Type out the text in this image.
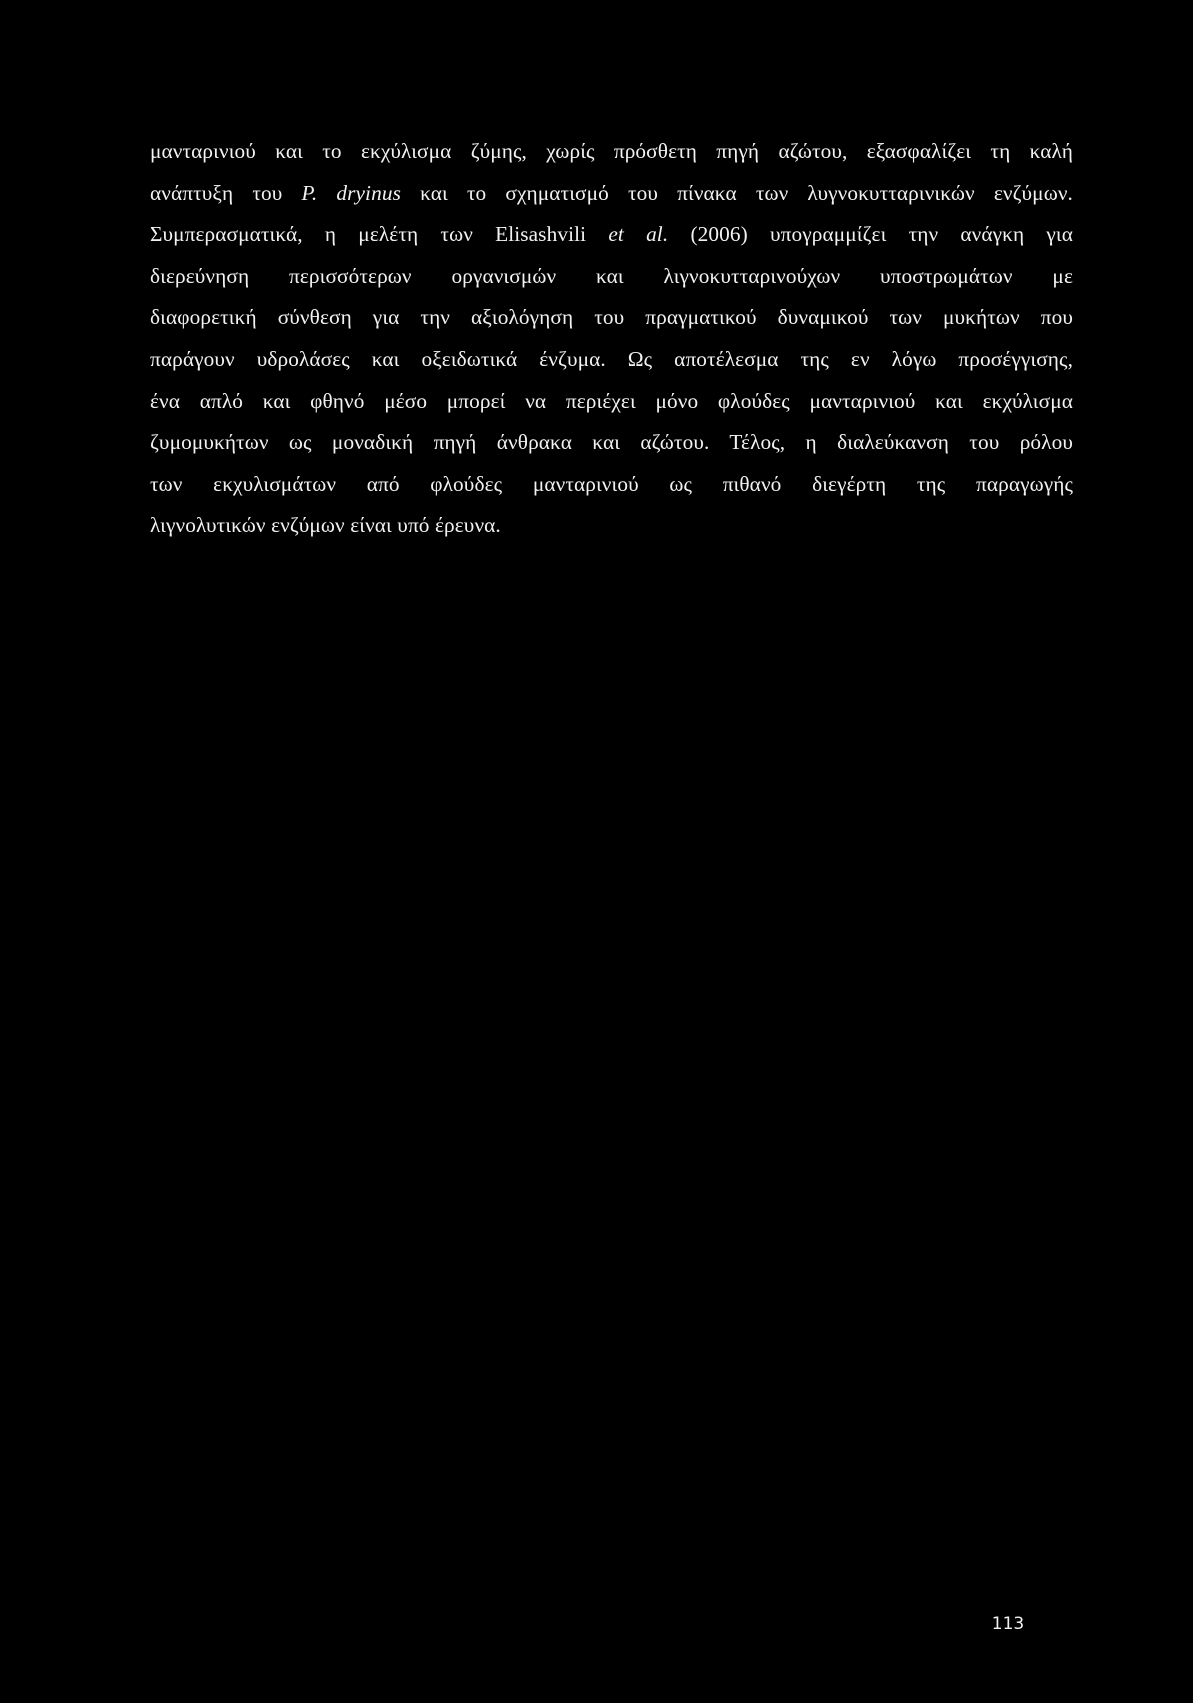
μανταρινιού και το εκχύλισμα ζύμης, χωρίς πρόσθετη πηγή αζώτου, εξασφαλίζει τη καλή
ανάπτυξη του P. dryinus και το σχηματισμό του πίνακα των λυγνοκυτταρινικών ενζύμων.
Συμπερασματικά, η μελέτη των Elisashvili et al. (2006) υπογραμμίζει την ανάγκη για
διερεύνηση περισσότερων οργανισμών και λιγνοκυτταρινούχων υποστρωμάτων με
διαφορετική σύνθεση για την αξιολόγηση του πραγματικού δυναμικού των μυκήτων που
παράγουν υδρολάσες και οξειδωτικά ένζυμα. Ως αποτέλεσμα της εν λόγω προσέγγισης,
ένα απλό και φθηνό μέσο μπορεί να περιέχει μόνο φλούδες μανταρινιού και εκχύλισμα
ζυμομυκήτων ως μοναδική πηγή άνθρακα και αζώτου. Τέλος, η διαλεύκανση του ρόλου
των εκχυλισμάτων από φλούδες μανταρινιού ως πιθανό διεγέρτη της παραγωγής
λιγνολυτικών ενζύμων είναι υπό έρευνα.
113
